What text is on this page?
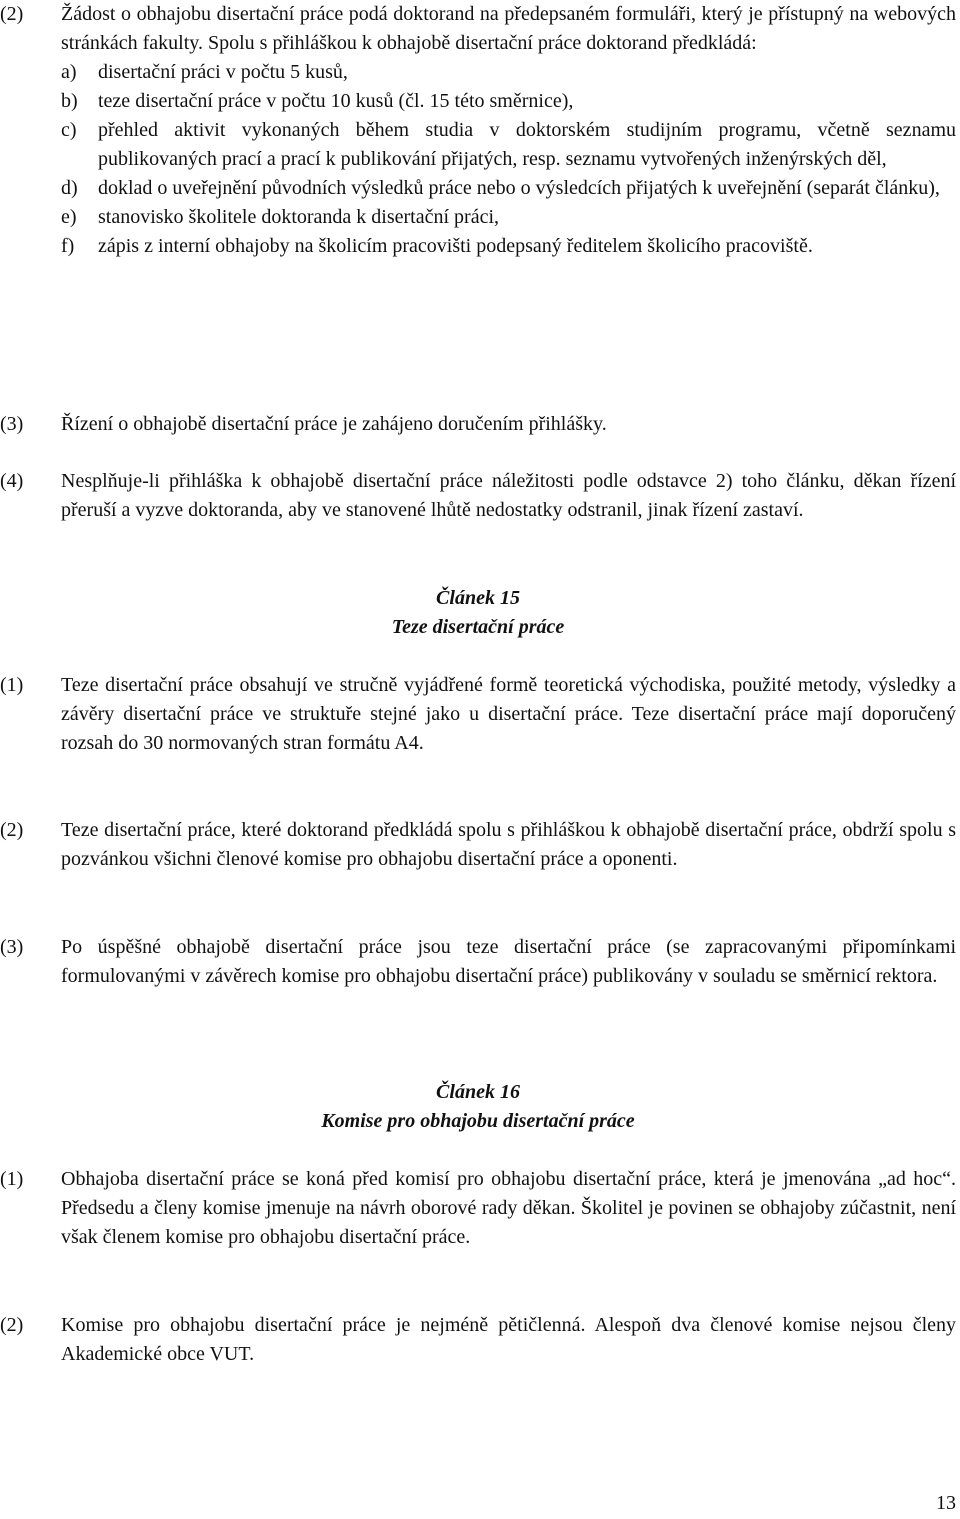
(2)	Žádost o obhajobu disertační práce podá doktorand na předepsaném formuláři, který je přístupný na webových stránkách fakulty. Spolu s přihláškou k obhajobě disertační práce doktorand předkládá:
a)	disertační práci v počtu 5 kusů,
b)	teze disertační práce v počtu 10 kusů (čl. 15 této směrnice),
c)	přehled aktivit vykonaných během studia v doktorském studijním programu, včetně seznamu publikovaných prací a prací k publikování přijatých, resp. seznamu vytvořených inženýrských děl,
d)	doklad o uveřejnění původních výsledků práce nebo o výsledcích přijatých k uveřejnění (separát článku),
e)	stanovisko školitele doktoranda k disertační práci,
f)	zápis z interní obhajoby na školicím pracovišti podepsaný ředitelem školicího pracoviště.
(3)	Řízení o obhajobě disertační práce je zahájeno doručením přihlášky.
(4)	Nesplňuje-li přihláška k obhajobě disertační práce náležitosti podle odstavce 2) toho článku, děkan řízení přeruší a vyzve doktoranda, aby ve stanovené lhůtě nedostatky odstranil, jinak řízení zastaví.
Článek 15
Teze disertační práce
(1)	Teze disertační práce obsahují ve stručně vyjádřené formě teoretická východiska, použité metody, výsledky a závěry disertační práce ve struktuře stejné jako u disertační práce. Teze disertační práce mají doporučený rozsah do 30 normovaných stran formátu A4.
(2)	Teze disertační práce, které doktorand předkládá spolu s přihláškou k obhajobě disertační práce, obdrží spolu s pozvánkou všichni členové komise pro obhajobu disertační práce a oponenti.
(3)	Po úspěšné obhajobě disertační práce jsou teze disertační práce (se zapracovanými připomínkami formulovanými v závěrech komise pro obhajobu disertační práce) publikovány v souladu se směrnicí rektora.
Článek 16
Komise pro obhajobu disertační práce
(1)	Obhajoba disertační práce se koná před komisí pro obhajobu disertační práce, která je jmenována „ad hoc“. Předsedu a členy komise jmenuje na návrh oborové rady děkan. Školitel je povinen se obhajoby zúčastnit, není však členem komise pro obhajobu disertační práce.
(2)	Komise pro obhajobu disertační práce je nejméně pětičlenná. Alespoň dva členové komise nejsou členy Akademické obce VUT.
13
